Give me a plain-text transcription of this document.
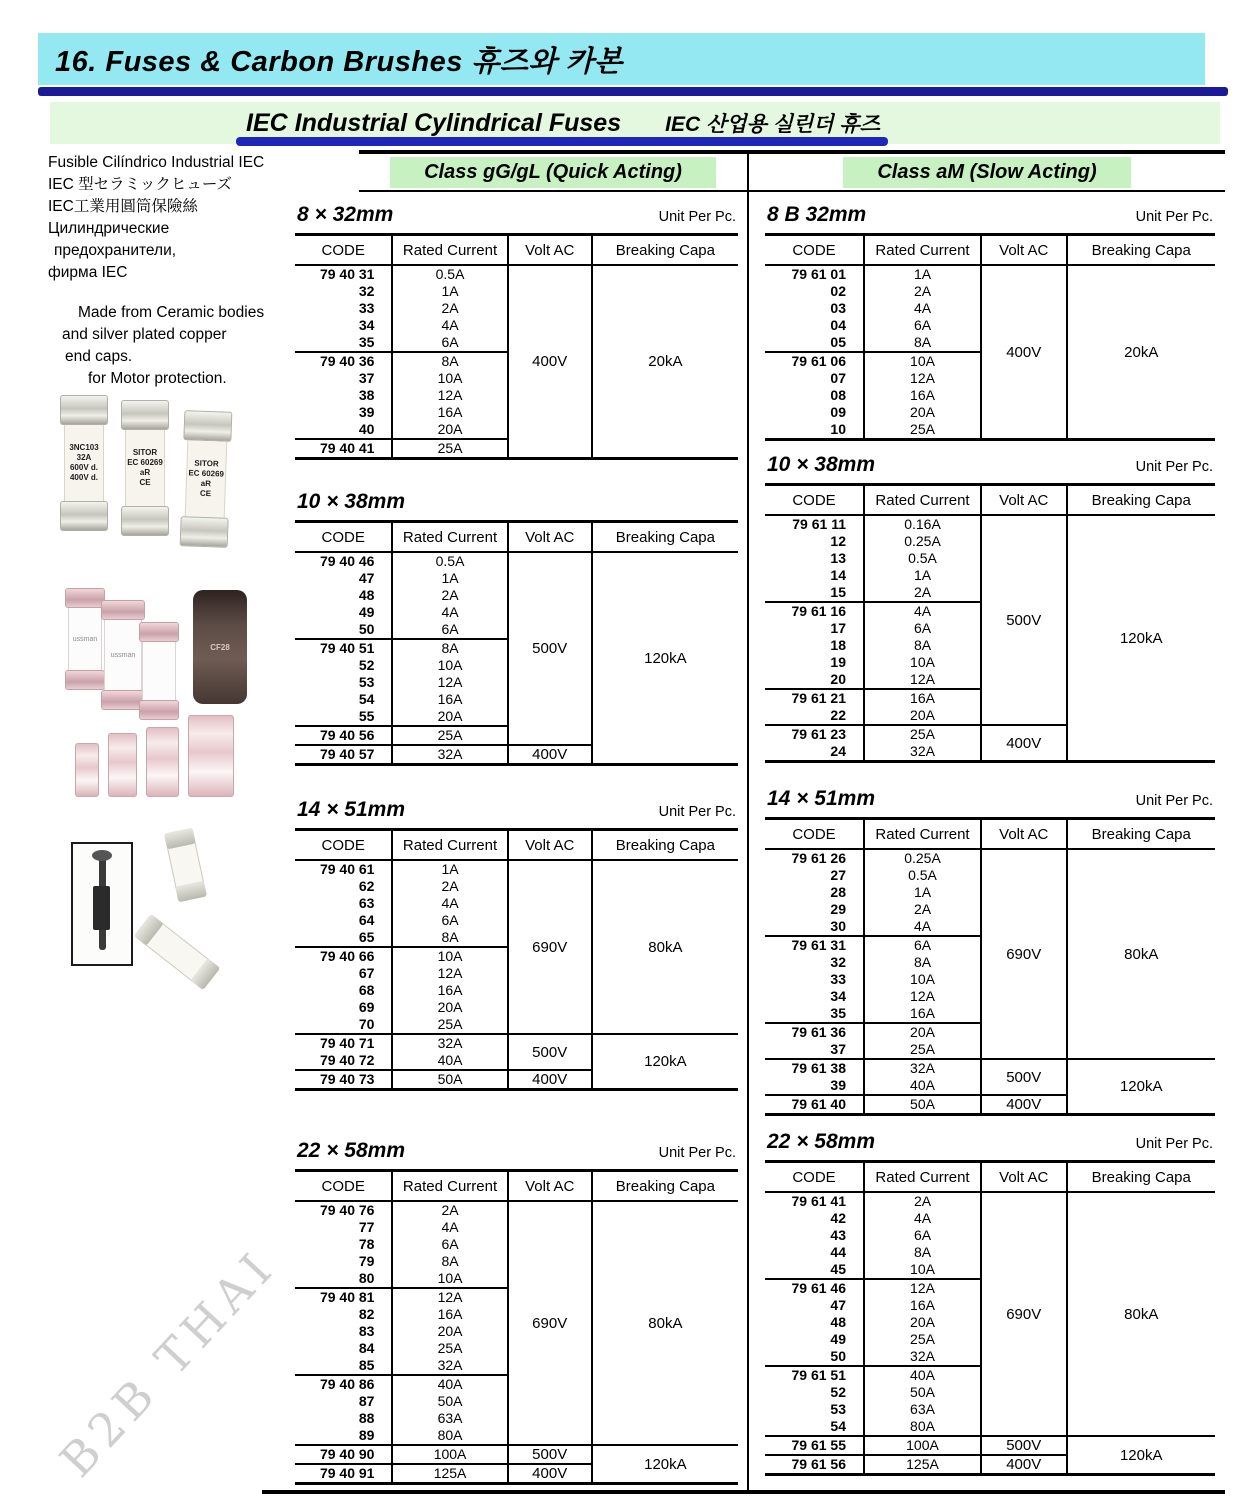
16. Fuses & Carbon Brushes 휴즈와 카본
IEC Industrial Cylindrical Fuses IEC 산업용 실린더 휴즈
Fusible Cilíndrico Industrial IEC
IEC 型セラミックヒューズ
IEC工業用圓筒保險絲
Цилиндрические
предохранители,
фирма IEC
Made from Ceramic bodies
and silver plated copper
end caps.
for Motor protection.
3NC103
32A
600V d.
400V d.
SITOR
EC 60269
aR
CE
SITOR
EC 60269
aR
CE
ussman
ussman
CF28
B2B THAI
Class gG/gL (Quick Acting)
8 × 32mm	Unit Per Pc.
CODE	Rated Current	Volt AC	Breaking Capa
79 40 31	0.5A	400V	20kA
32	1A		
33	2A		
34	4A		
35	6A		
79 40 36	8A		
37	10A		
38	12A		
39	16A		
40	20A		
79 40 41	25A		
10 × 38mm
CODE	Rated Current	Volt AC	Breaking Capa
79 40 46	0.5A	500V	120kA
47	1A		
48	2A		
49	4A		
50	6A		
79 40 51	8A		
52	10A		
53	12A		
54	16A		
55	20A		
79 40 56	25A		
79 40 57	32A	400V	
14 × 51mm	Unit Per Pc.
CODE	Rated Current	Volt AC	Breaking Capa
79 40 61	1A	690V	80kA
62	2A		
63	4A		
64	6A		
65	8A		
79 40 66	10A		
67	12A		
68	16A		
69	20A		
70	25A		
79 40 71	32A	500V	120kA
79 40 72	40A		
79 40 73	50A	400V	
22 × 58mm	Unit Per Pc.
CODE	Rated Current	Volt AC	Breaking Capa
79 40 76	2A	690V	80kA
77	4A		
78	6A		
79	8A		
80	10A		
79 40 81	12A		
82	16A		
83	20A		
84	25A		
85	32A		
79 40 86	40A		
87	50A		
88	63A		
89	80A		
79 40 90	100A	500V	120kA
79 40 91	125A	400V	
Class aM (Slow Acting)
8 B 32mm	Unit Per Pc.
CODE	Rated Current	Volt AC	Breaking Capa
79 61 01	1A	400V	20kA
02	2A		
03	4A		
04	6A		
05	8A		
79 61 06	10A		
07	12A		
08	16A		
09	20A		
10	25A		
10 × 38mm	Unit Per Pc.
CODE	Rated Current	Volt AC	Breaking Capa
79 61 11	0.16A	500V	120kA
12	0.25A		
13	0.5A		
14	1A		
15	2A		
79 61 16	4A		
17	6A		
18	8A		
19	10A		
20	12A		
79 61 21	16A		
22	20A		
79 61 23	25A	400V	
24	32A		
14 × 51mm	Unit Per Pc.
CODE	Rated Current	Volt AC	Breaking Capa
79 61 26	0.25A	690V	80kA
27	0.5A		
28	1A		
29	2A		
30	4A		
79 61 31	6A		
32	8A		
33	10A		
34	12A		
35	16A		
79 61 36	20A		
37	25A		
79 61 38	32A	500V	120kA
39	40A		
79 61 40	50A	400V	
22 × 58mm	Unit Per Pc.
CODE	Rated Current	Volt AC	Breaking Capa
79 61 41	2A	690V	80kA
42	4A		
43	6A		
44	8A		
45	10A		
79 61 46	12A		
47	16A		
48	20A		
49	25A		
50	32A		
79 61 51	40A		
52	50A		
53	63A		
54	80A		
79 61 55	100A	500V	120kA
79 61 56	125A	400V	
